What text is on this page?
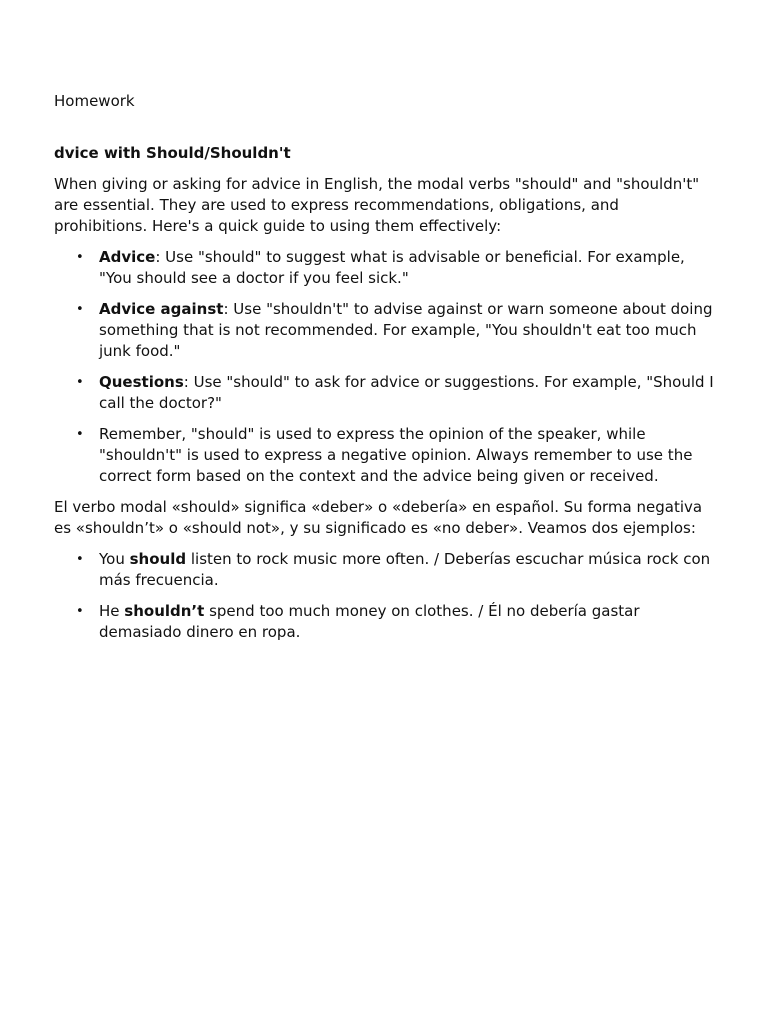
Homework
dvice with Should/Shouldn't

When giving or asking for advice in English, the modal verbs "should" and "shouldn't" are essential. They are used to express recommendations, obligations, and prohibitions. Here's a quick guide to using them effectively:

• Advice: Use "should" to suggest what is advisable or beneficial. For example, "You should see a doctor if you feel sick."
• Advice against: Use "shouldn't" to advise against or warn someone about doing something that is not recommended. For example, "You shouldn't eat too much junk food."
• Questions: Use "should" to ask for advice or suggestions. For example, "Should I call the doctor?"
• Remember, "should" is used to express the opinion of the speaker, while "shouldn't" is used to express a negative opinion. Always remember to use the correct form based on the context and the advice being given or received.

El verbo modal «should» significa «deber» o «debería» en español. Su forma negativa es «shouldn’t» o «should not», y su significado es «no deber». Veamos dos ejemplos:

• You should listen to rock music more often. / Deberías escuchar música rock con más frecuencia.
• He shouldn’t spend too much money on clothes. / Él no debería gastar demasiado dinero en ropa.
